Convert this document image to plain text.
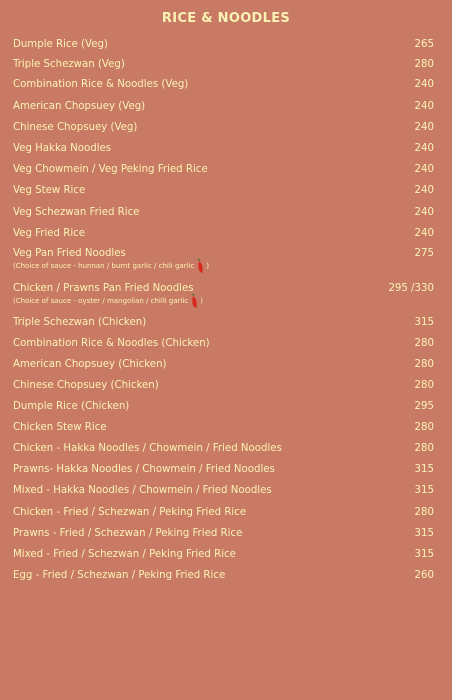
RICE & NOODLES
Dumple Rice (Veg)	265
Triple Schezwan (Veg)	280
Combination Rice & Noodles (Veg)	240
American Chopsuey (Veg)	240
Chinese Chopsuey (Veg)	240
Veg Hakka Noodles	240
Veg Chowmein / Veg Peking Fried Rice	240
Veg Stew Rice	240
Veg Schezwan Fried Rice	240
Veg Fried Rice	240
Veg Pan Fried Noodles	275
(Choice of sauce - hunnan / burnt garlic / chili garlic )
Chicken / Prawns Pan Fried Noodles	295 /330
(Choice of sauce - oyster / mangolian / chilli garlic )
Triple Schezwan (Chicken)	315
Combination Rice & Noodles (Chicken)	280
American Chopsuey (Chicken)	280
Chinese Chopsuey (Chicken)	280
Dumple Rice (Chicken)	295
Chicken Stew Rice	280
Chicken - Hakka Noodles / Chowmein / Fried Noodles	280
Prawns- Hakka Noodles / Chowmein / Fried Noodles	315
Mixed - Hakka Noodles / Chowmein / Fried Noodles	315
Chicken - Fried / Schezwan / Peking Fried Rice	280
Prawns - Fried / Schezwan / Peking Fried Rice	315
Mixed - Fried / Schezwan / Peking Fried Rice	315
Egg - Fried / Schezwan / Peking Fried Rice	260
